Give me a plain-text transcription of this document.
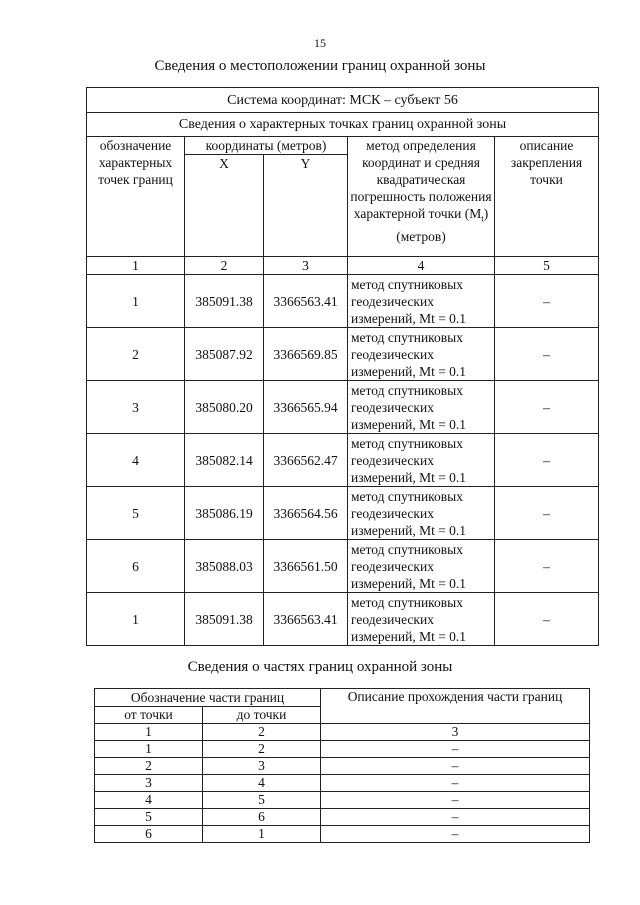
15
Сведения о местоположении границ охранной зоны
Система координат: МСК – субъект 56				
Сведения о характерных точках границ охранной зоны				
обозначение характерных точек границ	координаты (метров)		метод определения координат и средняя квадратическая погрешность положения характерной точки $(M_t)$ (метров)	описание закрепления точки
	X	Y		
1	2	3	4	5
1	385091.38	3366563.41	метод спутниковых геодезических измерений, Mt = 0.1	–
2	385087.92	3366569.85	метод спутниковых геодезических измерений, Mt = 0.1	–
3	385080.20	3366565.94	метод спутниковых геодезических измерений, Mt = 0.1	–
4	385082.14	3366562.47	метод спутниковых геодезических измерений, Mt = 0.1	–
5	385086.19	3366564.56	метод спутниковых геодезических измерений, Mt = 0.1	–
6	385088.03	3366561.50	метод спутниковых геодезических измерений, Mt = 0.1	–
1	385091.38	3366563.41	метод спутниковых геодезических измерений, Mt = 0.1	–
Сведения о частях границ охранной зоны
Обозначение части границ		Описание прохождения части границ
от точки	до точки	
1	2	3
1	2	–
2	3	–
3	4	–
4	5	–
5	6	–
6	1	–
